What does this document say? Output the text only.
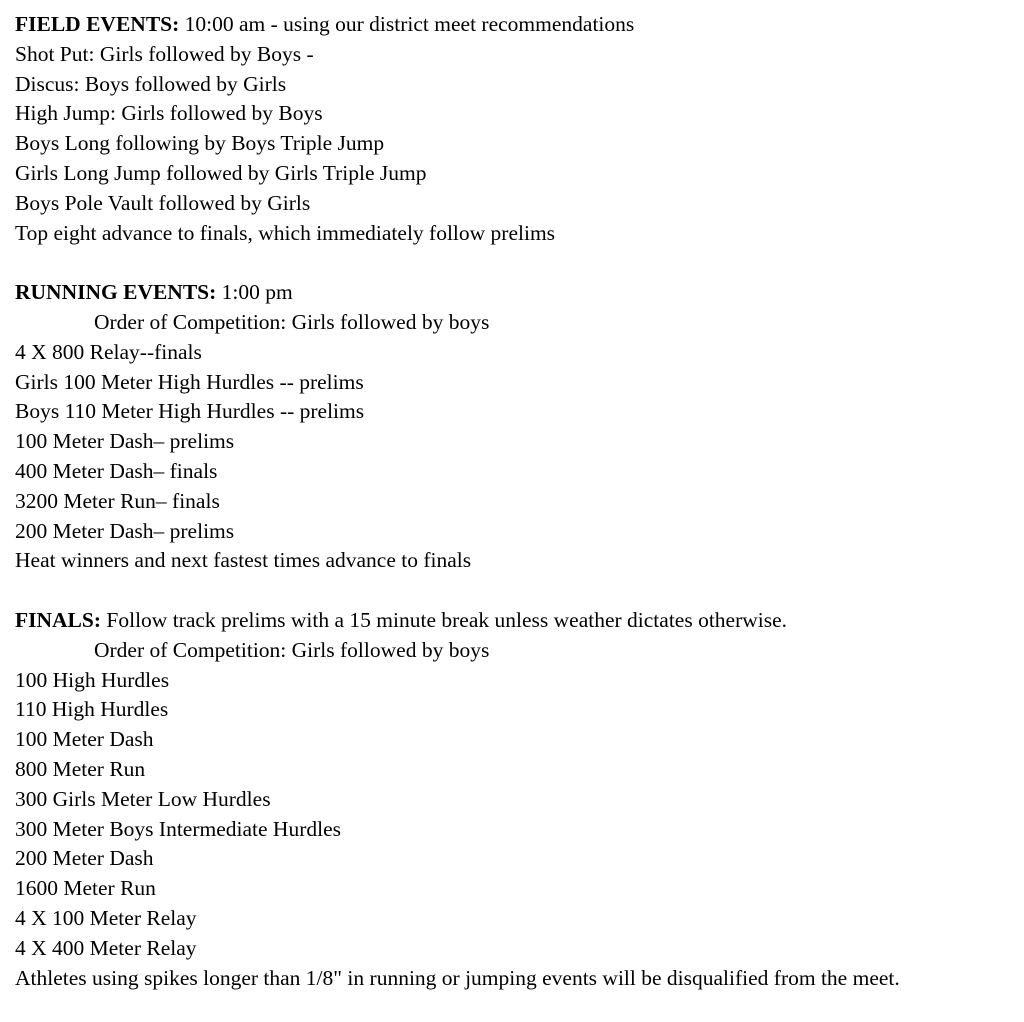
FIELD EVENTS: 10:00 am - using our district meet recommendations
Shot Put: Girls followed by Boys -
Discus: Boys followed by Girls
High Jump: Girls followed by Boys
Boys Long following by Boys Triple Jump
Girls Long Jump followed by Girls Triple Jump
Boys Pole Vault followed by Girls
Top eight advance to finals, which immediately follow prelims
RUNNING EVENTS: 1:00 pm
Order of Competition: Girls followed by boys
4 X 800 Relay--finals
Girls 100 Meter High Hurdles -- prelims
Boys 110 Meter High Hurdles -- prelims
100 Meter Dash– prelims
400 Meter Dash– finals
3200 Meter Run– finals
200 Meter Dash– prelims
Heat winners and next fastest times advance to finals
FINALS: Follow track prelims with a 15 minute break unless weather dictates otherwise.
Order of Competition: Girls followed by boys
100 High Hurdles
110 High Hurdles
100 Meter Dash
800 Meter Run
300 Girls Meter Low Hurdles
300 Meter Boys Intermediate Hurdles
200 Meter Dash
1600 Meter Run
4 X 100 Meter Relay
4 X 400 Meter Relay
Athletes using spikes longer than 1/8" in running or jumping events will be disqualified from the meet.
